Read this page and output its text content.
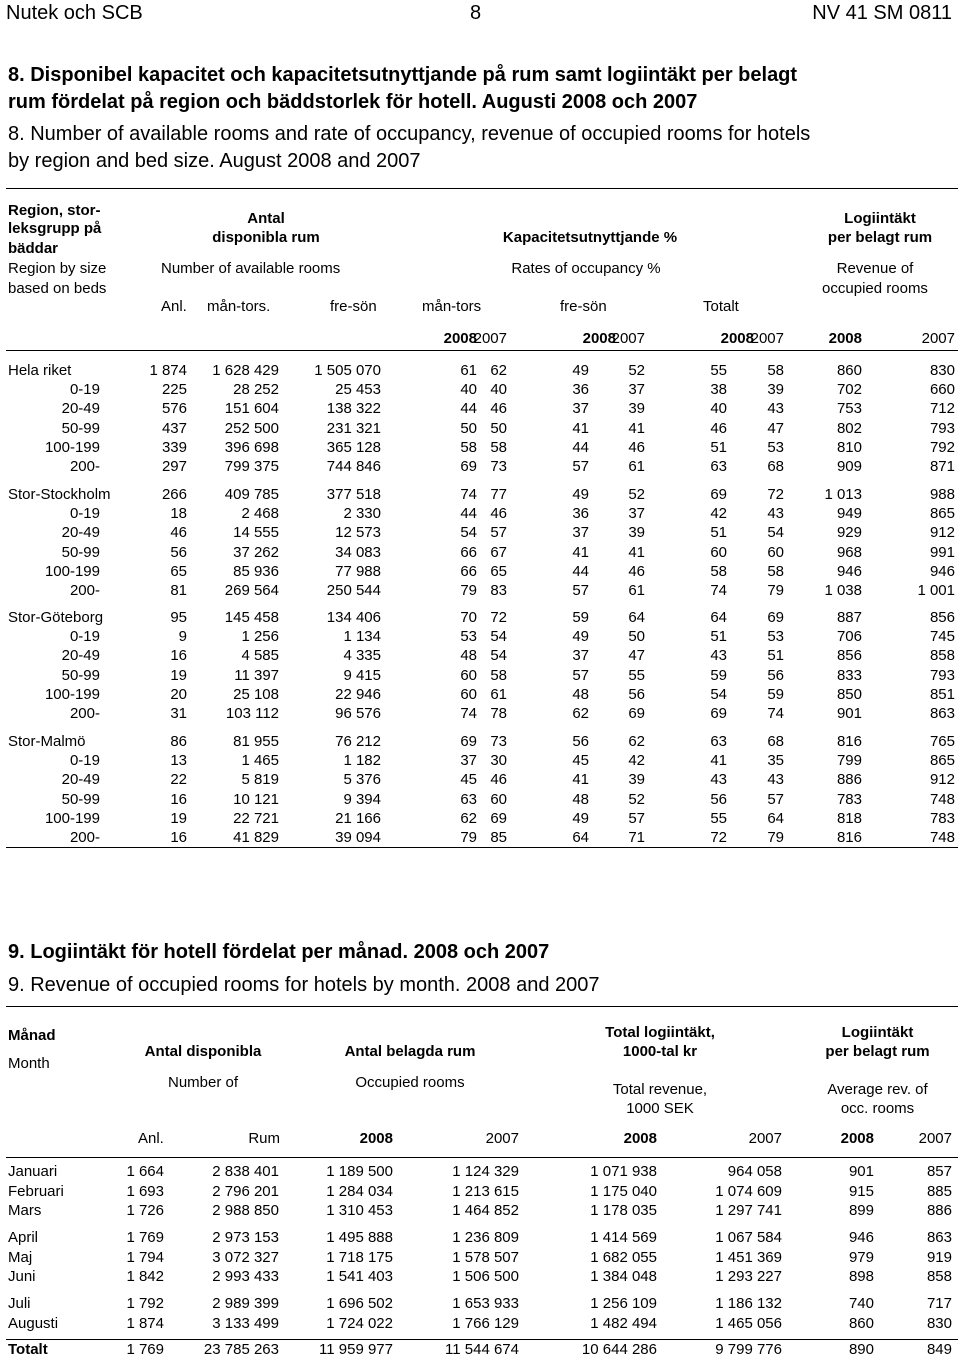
Nutek och SCB	8	NV 41 SM 0811
8. Disponibel kapacitet och kapacitetsutnyttjande på rum samt logiintäkt per belagt
rum fördelat på region och bäddstorlek för hotell. Augusti 2008 och 2007
8. Number of available rooms and rate of occupancy, revenue of occupied rooms for hotels
by region and bed size. August 2008 and 2007
Region, stor-
leksgrupp på
bäddar
Region by size
based on beds
Antal
disponibla rum	Kapacitetsutnyttjande %
Logiintäkt
per belagt rum
Number of available rooms	Rates of occupancy %	Revenue of
occupied rooms
Anl. mån-tors.	fre-sön	mån-tors	fre-sön	Totalt
2008
2007	2008
2007	2008
2007	2008	2007
Hela riket	1 874	1 628 429	1 505 070	61 62	49	52	55	58	860	830
0-19	225	28 252	25 453	40 40	36	37	38	39	702	660
20-49	576	151 604	138 322	44 46	37	39	40	43	753	712
50-99	437	252 500	231 321	50 50	41	41	46	47	802	793
100-199	339	396 698	365 128	58 58	44	46	51	53	810	792
200-	297	799 375	744 846	69 73	57	61	63	68	909	871
Stor-Stockholm	266	409 785	377 518	74 77	49	52	69	72	1 013	988
0-19	18	2 468	2 330	44 46	36	37	42	43	949	865
20-49	46	14 555	12 573	54 57	37	39	51	54	929	912
50-99	56	37 262	34 083	66 67	41	41	60	60	968	991
100-199	65	85 936	77 988	66 65	44	46	58	58	946	946
200-	81	269 564	250 544	79 83	57	61	74	79	1 038	1 001
Stor-Göteborg	95	145 458	134 406	70 72	59	64	64	69	887	856
0-19	9	1 256	1 134	53 54	49	50	51	53	706	745
20-49	16	4 585	4 335	48 54	37	47	43	51	856	858
50-99	19	11 397	9 415	60 58	57	55	59	56	833	793
100-199	20	25 108	22 946	60 61	48	56	54	59	850	851
200-	31	103 112	96 576	74 78	62	69	69	74	901	863
Stor-Malmö	86	81 955	76 212	69 73	56	62	63	68	816	765
0-19	13	1 465	1 182	37 30	45	42	41	35	799	865
20-49	22	5 819	5 376	45 46	41	39	43	43	886	912
50-99	16	10 121	9 394	63 60	48	52	56	57	783	748
100-199	19	22 721	21 166	62 69	49	57	55	64	818	783
200-	16	41 829	39 094	79 85	64	71	72	79	816	748
9. Logiintäkt för hotell fördelat per månad. 2008 och 2007
9. Revenue of occupied rooms for hotels by month. 2008 and 2007
Månad
Month
Antal disponibla	Antal belagda rum
Total logiintäkt,
1000-tal kr
Logiintäkt
per belagt rum
Number of	Occupied rooms	Total revenue,
1000 SEK
Average rev. of
occ. rooms
Anl.	Rum	2008	2007	2008	2007	2008	2007
Januari	1 664	2 838 401	1 189 500	1 124 329	1 071 938	964 058	901	857
Februari	1 693	2 796 201	1 284 034	1 213 615	1 175 040	1 074 609	915	885
Mars	1 726	2 988 850	1 310 453	1 464 852	1 178 035	1 297 741	899	886
April	1 769	2 973 153	1 495 888	1 236 809	1 414 569	1 067 584	946	863
Maj	1 794	3 072 327	1 718 175	1 578 507	1 682 055	1 451 369	979	919
Juni	1 842	2 993 433	1 541 403	1 506 500	1 384 048	1 293 227	898	858
Juli	1 792	2 989 399	1 696 502	1 653 933	1 256 109	1 186 132	740	717
Augusti	1 874	3 133 499	1 724 022	1 766 129	1 482 494	1 465 056	860	830
Totalt	1 769	23 785 263	11 959 977	11 544 674	10 644 286	9 799 776	890	849
